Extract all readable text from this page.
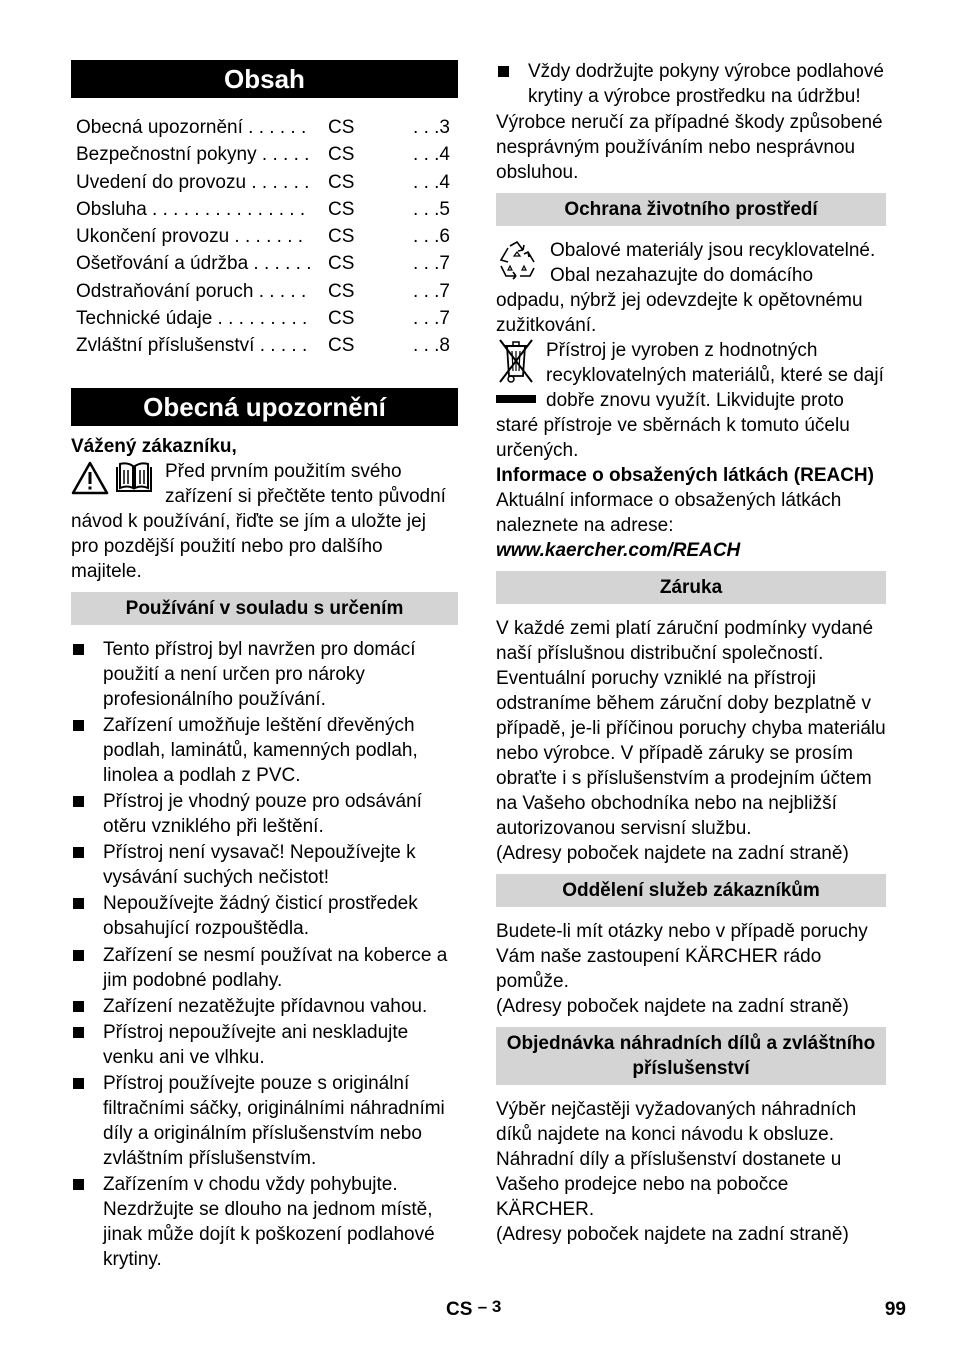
Obsah
Obecná upozornění . . . . . .	CS	. . .3
Bezpečnostní pokyny . . . . . CS	. . .4
Uvedení do provozu . . . . . . CS	. . .4
Obsluha . . . . . . . . . . . . . . .	CS	. . .5
Ukončení provozu . . . . . . .	CS	. . .6
Ošetřování a údržba . . . . . . CS	. . .7
Odstraňování poruch . . . . .	CS	. . .7
Technické údaje . . . . . . . . .	CS	. . .7
Zvláštní příslušenství . . . . .	CS	. . .8
Obecná upozornění

Vážený zákazníku,

Před prvním použitím svého zařízení si přečtěte tento původní návod k používání, řiďte se jím a uložte jej pro pozdější použití nebo pro dalšího majitele.
Používání v souladu s určením
Tento přístroj byl navržen pro domácí použití a není určen pro nároky profesionálního používání.
Zařízení umožňuje leštění dřevěných podlah, laminátů, kamenných podlah, linolea a podlah z PVC.
Přístroj je vhodný pouze pro odsávání otěru vzniklého při leštění.
Přístroj není vysavač! Nepoužívejte k vysávání suchých nečistot!
Nepoužívejte žádný čisticí prostředek obsahující rozpouštědla.
Zařízení se nesmí používat na koberce a jim podobné podlahy.
Zařízení nezatěžujte přídavnou vahou.
Přístroj nepoužívejte ani neskladujte venku ani ve vlhku.
Přístroj používejte pouze s originální filtračními sáčky, originálními náhradními díly a originálním příslušenstvím nebo zvláštním příslušenstvím.
Zařízením v chodu vždy pohybujte. Nezdržujte se dlouho na jednom místě, jinak může dojít k poškození podlahové krytiny.
Vždy dodržujte pokyny výrobce podlahové krytiny a výrobce prostředku na údržbu!

Výrobce neručí za případné škody způsobené nesprávným používáním nebo nesprávnou obsluhou.

Ochrana životního prostředí
Obalové materiály jsou recyklovatelné. Obal nezahazujte do domácího odpadu, nýbrž jej odevzdejte k opětovnému zužitkování.
Přístroj je vyroben z hodnotných recyklovatelných materiálů, které se dají dobře znovu využít. Likvidujte proto staré přístroje ve sběrnách k tomuto účelu určených.

Informace o obsažených látkách (REACH)

Aktuální informace o obsažených látkách naleznete na adrese:

www.kaercher.com/REACH

Záruka

V každé zemi platí záruční podmínky vydané naší příslušnou distribuční společností. Eventuální poruchy vzniklé na přístroji odstraníme během záruční doby bezplatně v případě, je-li příčinou poruchy chyba materiálu nebo výrobce. V případě záruky se prosím obraťte i s příslušenstvím a prodejním účtem na Vašeho obchodníka nebo na nejbližší autorizovanou servisní službu.

(Adresy poboček najdete na zadní straně)

Oddělení služeb zákazníkům

Budete-li mít otázky nebo v případě poruchy Vám naše zastoupení KÄRCHER rádo pomůže.

(Adresy poboček najdete na zadní straně)

Objednávka náhradních dílů a zvláštního příslušenství

Výběr nejčastěji vyžadovaných náhradních díků najdete na konci návodu k obsluze. Náhradní díly a příslušenství dostanete u Vašeho prodejce nebo na pobočce KÄRCHER.

(Adresy poboček najdete na zadní straně)

CS – 3	99
